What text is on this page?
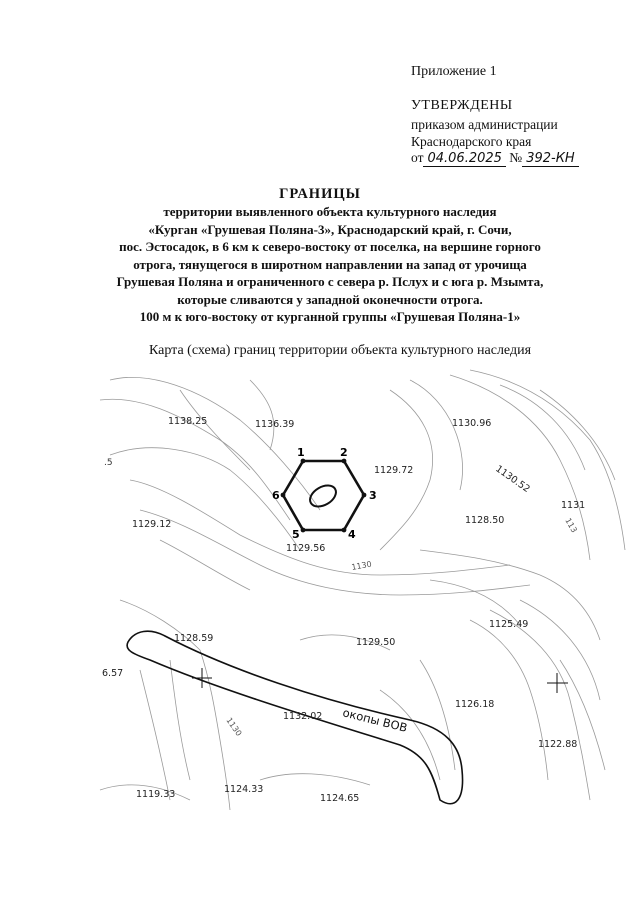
Приложение 1
УТВЕРЖДЕНЫ
приказом администрации
Краснодарского края
от 04.06.2025 № 392-КН
ГРАНИЦЫ
территории выявленного объекта культурного наследия
«Курган «Грушевая Поляна-3», Краснодарский край, г. Сочи,
пос. Эстосадок, в 6 км к северо-востоку от поселка, на вершине горного
отрога, тянущегося в широтном направлении на запад от урочища
Грушевая Поляна и ограниченного с севера р. Пслух и с юга р. Мзымта,
которые сливаются у западной оконечности отрога.
100 м к юго-востоку от курганной группы «Грушевая Поляна-1»
Карта (схема) границ территории объекта культурного наследия
1	2
3
4
5
6
1138.25	1136.39	1130.96
1129.72	1130.52
1131
1128.50
1129.12
1129.56
1128.59	1129.50
1125.49
6.57
1126.18
1132.02
1122.88
1119.33	1124.33
1124.65
1130
1130
113
.5
окопы ВОВ
